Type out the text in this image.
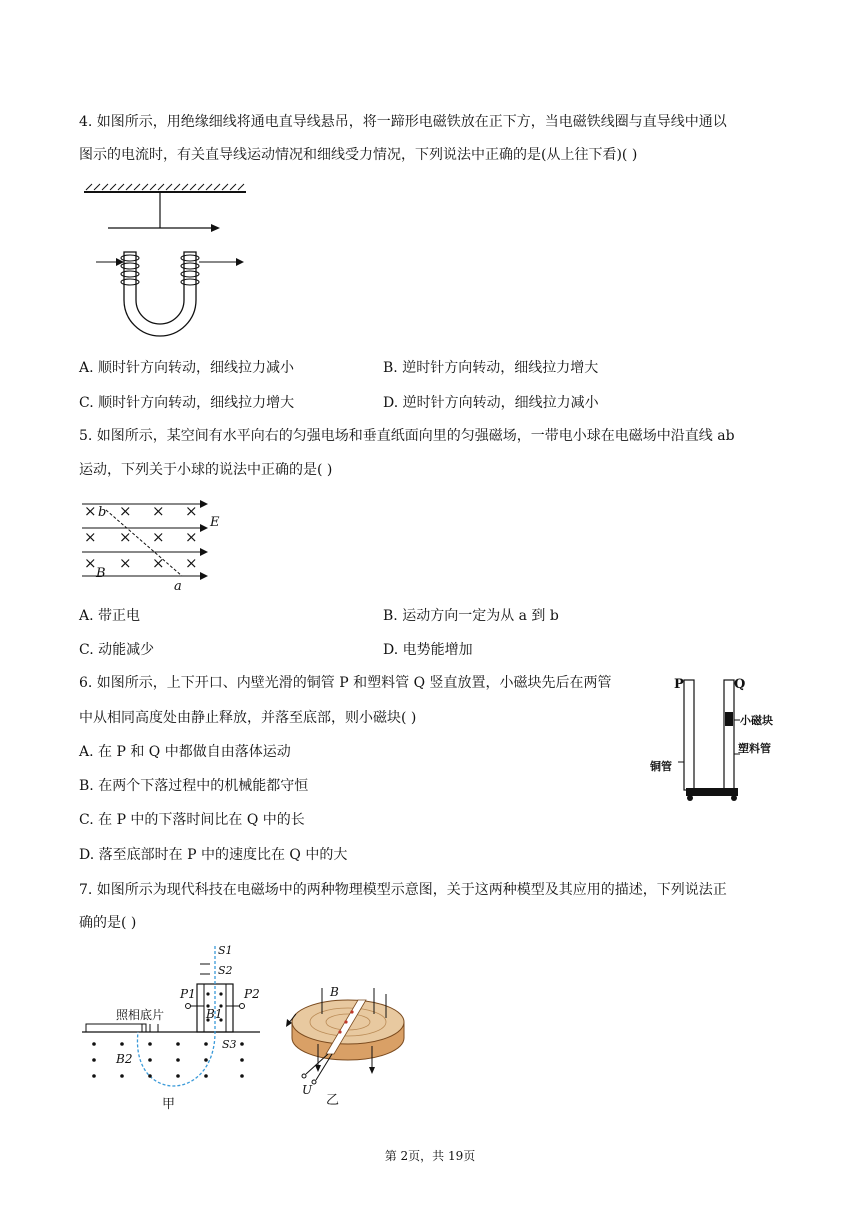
4. 如图所示，用绝缘细线将通电直导线悬吊，将一蹄形电磁铁放在正下方，当电磁铁线圈与直导线中通以
图示的电流时，有关直导线运动情况和细线受力情况，下列说法中正确的是(从上往下看)( )
A. 顺时针方向转动，细线拉力减小	B. 逆时针方向转动，细线拉力增大
C. 顺时针方向转动，细线拉力增大	D. 逆时针方向转动，细线拉力减小
5. 如图所示，某空间有水平向右的匀强电场和垂直纸面向里的匀强磁场，一带电小球在电磁场中沿直线 ab
运动，下列关于小球的说法中正确的是( )
× × × ×
× × × ×
× × × ×
b
E
B
a
A. 带正电	B. 运动方向一定为从 a 到 b
C. 动能减少	D. 电势能增加
6. 如图所示，上下开口、内壁光滑的铜管 P 和塑料管 Q 竖直放置，小磁块先后在两管
中从相同高度处由静止释放，并落至底部，则小磁块( )
A. 在 P 和 Q 中都做自由落体运动
B. 在两个下落过程中的机械能都守恒
C. 在 P 中的下落时间比在 Q 中的长
D. 落至底部时在 P 中的速度比在 Q 中的大
P	Q
小磁块
塑料管
铜管
7. 如图所示为现代科技在电磁场中的两种物理模型示意图，关于这两种模型及其应用的描述，下列说法正
确的是( )
照相底片
P1	P2
B1
S1
S2
S3
B2
甲
B
U
乙
第 2页，共 19页
